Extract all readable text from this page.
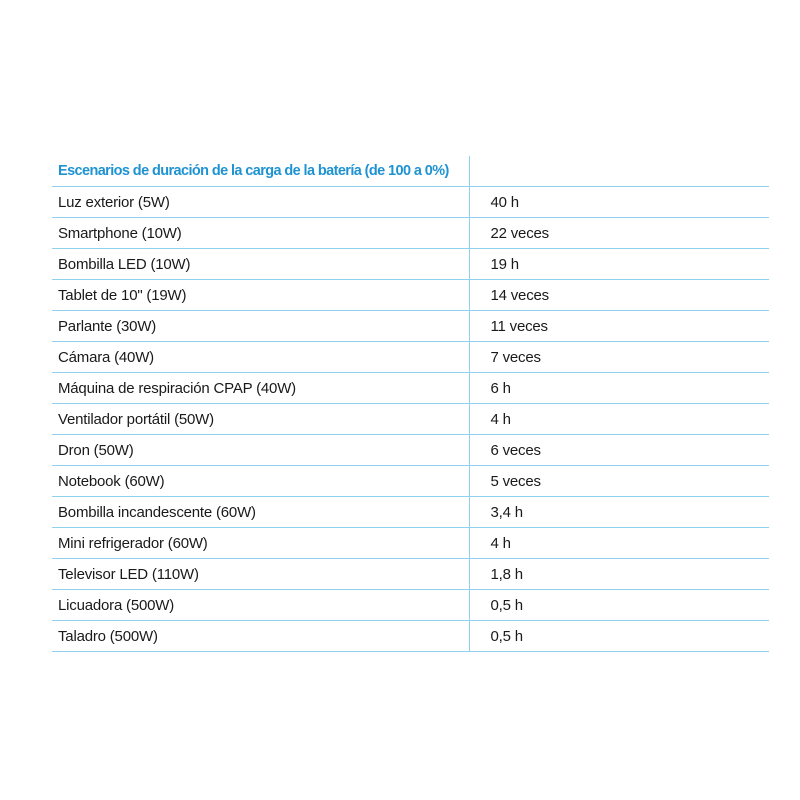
Escenarios de duración de la carga de la batería (de 100 a 0%)	
Luz exterior (5W)	40 h
Smartphone (10W)	22 veces
Bombilla LED (10W)	19 h
Tablet de 10" (19W)	14 veces
Parlante (30W)	11 veces
Cámara (40W)	7 veces
Máquina de respiración CPAP (40W)	6 h
Ventilador portátil (50W)	4 h
Dron (50W)	6 veces
Notebook (60W)	5 veces
Bombilla incandescente (60W)	3,4 h
Mini refrigerador (60W)	4 h
Televisor LED (110W)	1,8 h
Licuadora (500W)	0,5 h
Taladro (500W)	0,5 h
